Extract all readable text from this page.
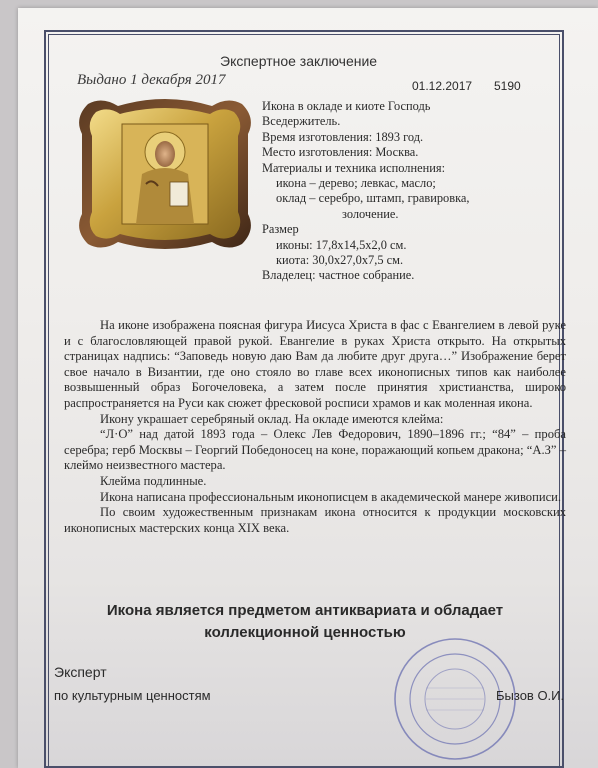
Экспертное заключение
Выдано 1 декабря 2017	01.12.2017 5190
Икона в окладе и киоте Господь
Вседержитель.
Время изготовления: 1893 год.
Место изготовления: Москва.
Материалы и техника исполнения:
икона – дерево; левкас, масло;
оклад – серебро, штамп, гравировка,
золочение.
Размер
иконы: 17,8x14,5x2,0 см.
киота: 30,0x27,0x7,5 см.
Владелец: частное собрание.

На иконе изображена поясная фигура Иисуса Христа в фас с Евангелием в левой руке и с благословляющей правой рукой. Евангелие в руках Христа открыто. На открытых страницах надпись: “Заповедь новую даю Вам да любите друг друга…” Изображение берет свое начало в Византии, где оно стояло во главе всех иконописных типов как наиболее возвышенный образ Богочеловека, а затем после принятия христианства, широко распространяется на Руси как сюжет фресковой росписи храмов и как моленная икона.

Икону украшает серебряный оклад. На окладе имеются клейма:

“Л·О” над датой 1893 года – Олекс Лев Федорович, 1890–1896 гг.; “84” – проба серебра; герб Москвы – Георгий Победоносец на коне, поражающий копьем дракона; “А.З” – клеймо неизвестного мастера.

Клейма подлинные.

Икона написана профессиональным иконописцем в академической манере живописи.

По своим художественным признакам икона относится к продукции московских иконописных мастерских конца XIX века.

Икона является предметом антиквариата и обладает
коллекционной ценностью
Эксперт
по культурным ценностям	Бызов О.И.
